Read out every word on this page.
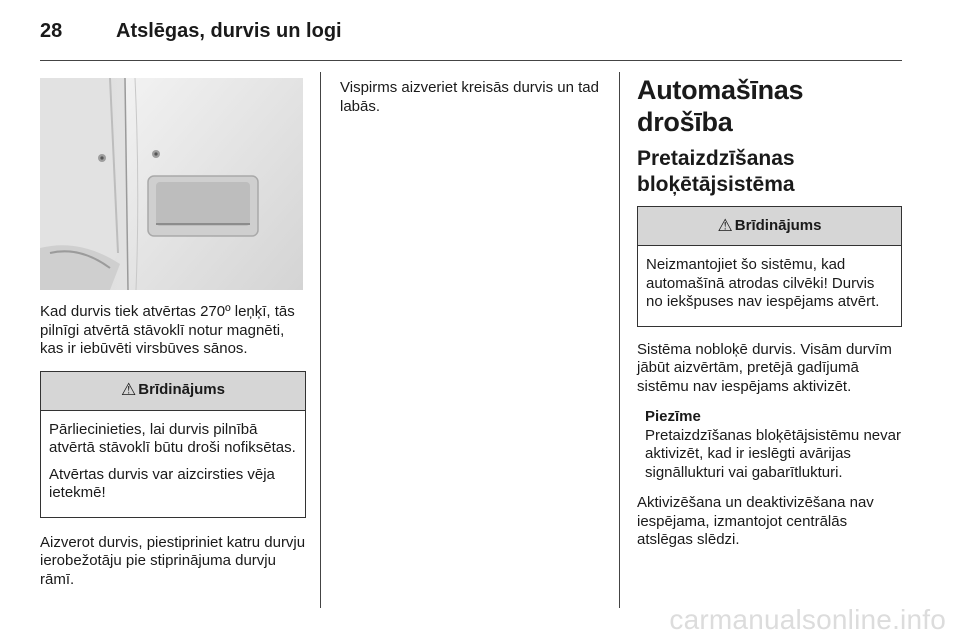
28	Atslēgas, durvis un logi

Kad durvis tiek atvērtas 270º leņķī, tās pilnīgi atvērtā stāvoklī notur magnēti, kas ir iebūvēti virsbūves sānos.

⚠ Brīdinājums

Pārliecinieties, lai durvis pilnībā atvērtā stāvoklī būtu droši nofiksētas.

Atvērtas durvis var aizcirsties vēja ietekmē!

Aizverot durvis, piestipriniet katru durvju ierobežotāju pie stiprinājuma durvju rāmī.

Vispirms aizveriet kreisās durvis un tad labās.

Automašīnas drošība
Pretaizdzīšanas bloķētājsistēma
⚠ Brīdinājums

Neizmantojiet šo sistēmu, kad automašīnā atrodas cilvēki! Durvis no iekšpuses nav iespējams atvērt.

Sistēma nobloķē durvis. Visām durvīm jābūt aizvērtām, pretējā gadījumā sistēmu nav iespējams aktivizēt.

Piezīme
Pretaizdzīšanas bloķētājsistēmu nevar aktivizēt, kad ir ieslēgti avārijas signāllukturi vai gabarītlukturi.

Aktivizēšana un deaktivizēšana nav iespējama, izmantojot centrālās atslēgas slēdzi.

carmanualsonline.info
